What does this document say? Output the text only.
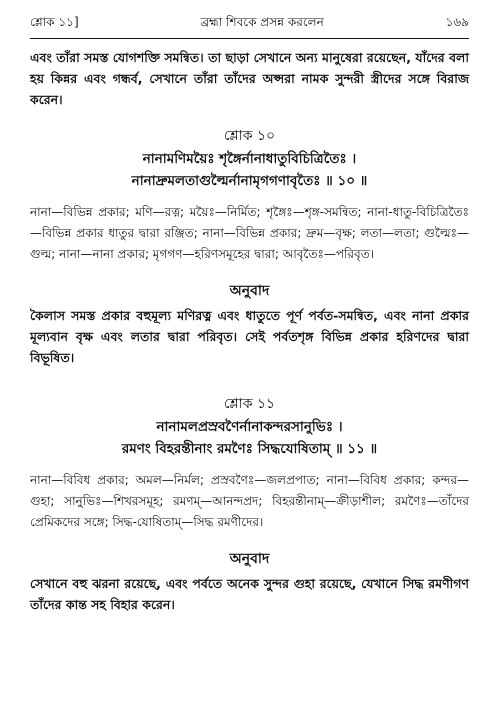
শ্লোক ১১]	ব্রহ্মা শিবকে প্রসন্ন করলেন	১৬৯

এবং তাঁরা সমস্ত যোগশক্তি সমন্বিত। তা ছাড়া সেখানে অন্য মানুষেরা রয়েছেন, যাঁদের বলা হয় কিন্নর এবং গন্ধর্ব, সেখানে তাঁরা তাঁদের অপ্সরা নামক সুন্দরী স্ত্রীদের সঙ্গে বিরাজ করেন।

শ্লোক ১০
নানামণিময়ৈঃ শৃঙ্গৈর্নানাধাতুবিচিত্রিতৈঃ ।
নানাদ্রুমলতাগুল্মৈর্নানামৃগগণাবৃতৈঃ ॥ ১০ ॥

নানা—বিভিন্ন প্রকার; মণি—রত্ন; ময়ৈঃ—নির্মিত; শৃঙ্গৈঃ—শৃঙ্গ-সমন্বিত; নানা-ধাতু-বিচিত্রিতৈঃ—বিভিন্ন প্রকার ধাতুর দ্বারা রঞ্জিত; নানা—বিভিন্ন প্রকার; দ্রুম—বৃক্ষ; লতা—লতা; গুল্মৈঃ—গুল্ম; নানা—নানা প্রকার; মৃগগণ—হরিণসমূহের দ্বারা; আবৃতৈঃ—পরিবৃত।

অনুবাদ

কৈলাস সমস্ত প্রকার বহুমূল্য মণিরত্ন এবং ধাতুতে পূর্ণ পর্বত-সমন্বিত, এবং নানা প্রকার মূল্যবান বৃক্ষ এবং লতার দ্বারা পরিবৃত। সেই পর্বতশৃঙ্গ বিভিন্ন প্রকার হরিণদের দ্বারা বিভূষিত।

শ্লোক ১১
নানামলপ্রস্রবণৈর্নানাকন্দরসানুভিঃ ।
রমণং বিহরন্তীনাং রমণৈঃ সিদ্ধযোষিতাম্ ॥ ১১ ॥

নানা—বিবিধ প্রকার; অমল—নির্মল; প্রস্রবণৈঃ—জলপ্রপাত; নানা—বিবিধ প্রকার; কন্দর—গুহা; সানুভিঃ—শিখরসমূহ; রমণম্—আনন্দপ্রদ; বিহরন্তীনাম্—ক্রীড়াশীল; রমণৈঃ—তাঁদের প্রেমিকদের সঙ্গে; সিদ্ধ-যোষিতাম্—সিদ্ধ রমণীদের।

অনুবাদ

সেখানে বহু ঝরনা রয়েছে, এবং পর্বতে অনেক সুন্দর গুহা রয়েছে, যেখানে সিদ্ধ রমণীগণ তাঁদের কান্ত সহ বিহার করেন।
